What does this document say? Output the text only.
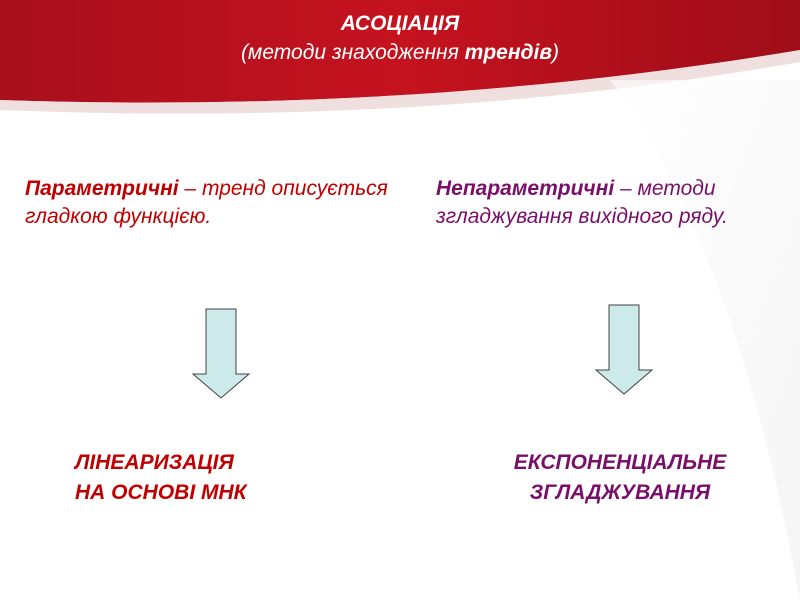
АСОЦІАЦІЯ
(методи знаходження трендів)
Параметричні – тренд описується гладкою функцією.
Непараметричні – методи згладжування вихідного ряду.
ЛІНЕАРИЗАЦІЯ
НА ОСНОВІ МНК
ЕКСПОНЕНЦІАЛЬНЕ
ЗГЛАДЖУВАННЯ
